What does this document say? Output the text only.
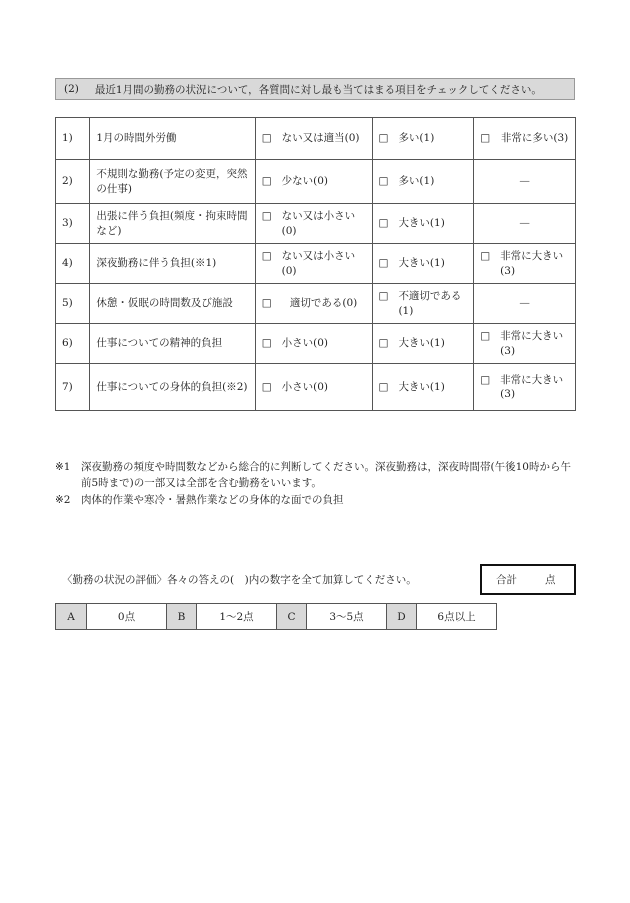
(2) 最近1月間の勤務の状況について，各質問に対し最も当てはまる項目をチェックしてください。
1)	1月の時間外労働	□ ない又は適当(0)	□ 多い(1)	□ 非常に多い(3)

2)	不規則な勤務(予定の変更，突然の仕事)	□ 少ない(0)	□ 多い(1)	—
3)	出張に伴う負担(頻度・拘束時間など)	□ ない又は小さい(0)	□ 大きい(1)	—
4)	深夜勤務に伴う負担(※1)	□ ない又は小さい(0)	□ 大きい(1)	□ 非常に大きい(3)

5)	休憩・仮眠の時間数及び施設	□ 適切である(0)	□ 不適切である(1)	—
6)	仕事についての精神的負担	□ 小さい(0)	□ 大きい(1)	□ 非常に大きい(3)

7)	仕事についての身体的負担(※2)	□ 小さい(0)	□ 大きい(1)	□ 非常に大きい(3)
※1	深夜勤務の頻度や時間数などから総合的に判断してください。深夜勤務は，深夜時間帯(午後10時から午前5時まで)の一部又は全部を含む勤務をいいます。
※2	肉体的作業や寒冷・暑熱作業などの身体的な面での負担
〈勤務の状況の評価〉各々の答えの(　)内の数字を全て加算してください。	合計	点
A	0点	B	1〜2点	C	3〜5点	D	6点以上
